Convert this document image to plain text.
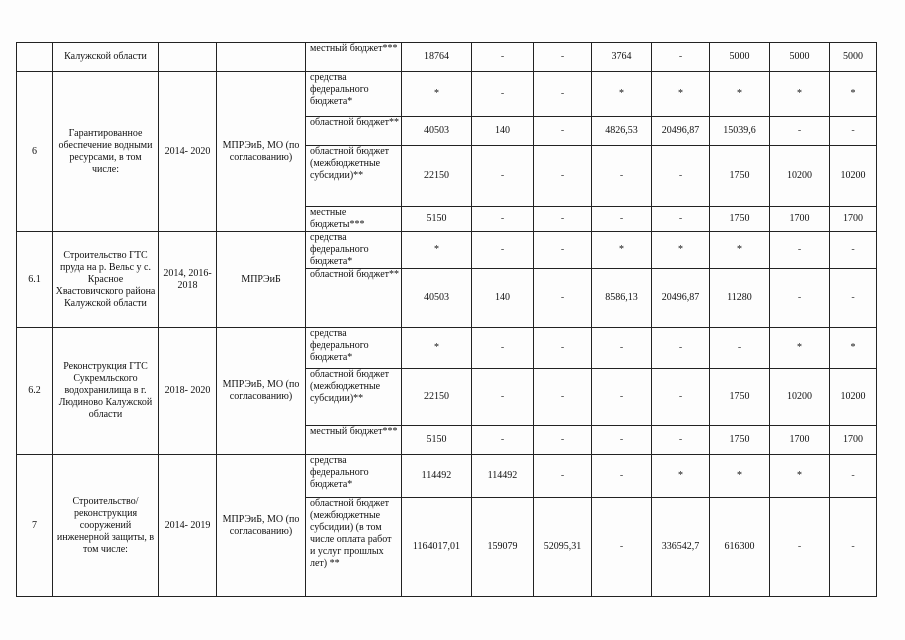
	Калужской области			местный бюджет***	18764	-	-	3764	-	5000	5000	5000
6	Гарантированное обеспечение водными ресурсами, в том числе:	2014- 2020	МПРЭиБ, МО (по согласованию)	средства федерального бюджета*	*	-	-	*	*	*	*	*
				областной бюджет**	40503	140	-	4826,53	20496,87	15039,6	-	-
				областной бюджет (межбюджетные субсидии)**	22150	-	-	-	-	1750	10200	10200
				местные бюджеты***	5150	-	-	-	-	1750	1700	1700
6.1	Строительство ГТС пруда на р. Вельс у с. Красное Хвастовичского района Калужской области	2014, 2016- 2018	МПРЭиБ	средства федерального бюджета*	*	-	-	*	*	*	-	-
				областной бюджет**	40503	140	-	8586,13	20496,87	11280	-	-
6.2	Реконструкция ГТС Сукремльского водохранилища в г. Людиново Калужской области	2018- 2020	МПРЭиБ, МО (по согласованию)	средства федерального бюджета*	*	-	-	-	-	-	*	*
				областной бюджет (межбюджетные субсидии)**	22150	-	-	-	-	1750	10200	10200
				местный бюджет***	5150	-	-	-	-	1750	1700	1700
7	Строительство/ реконструкция сооружений инженерной защиты, в том числе:	2014- 2019	МПРЭиБ, МО (по согласованию)	средства федерального бюджета*	114492	114492	-	-	*	*	*	-
				областной бюджет (межбюджетные субсидии) (в том числе оплата работ и услуг прошлых лет) **	1164017,01	159079	52095,31	-	336542,7	616300	-	-
